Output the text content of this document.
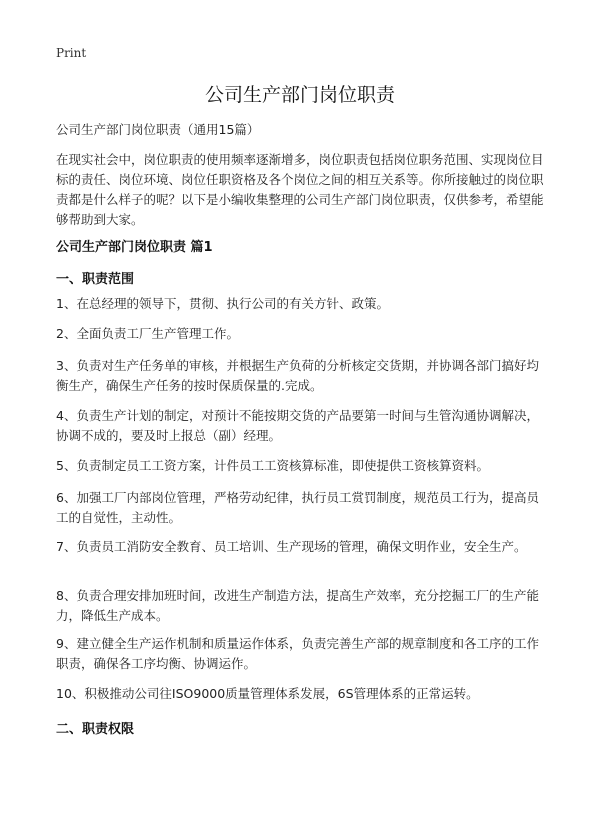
Print
公司生产部门岗位职责

公司生产部门岗位职责（通用15篇）

在现实社会中，岗位职责的使用频率逐渐增多，岗位职责包括岗位职务范围、实现岗位目标的责任、岗位环境、岗位任职资格及各个岗位之间的相互关系等。你所接触过的岗位职责都是什么样子的呢？以下是小编收集整理的公司生产部门岗位职责，仅供参考，希望能够帮助到大家。

公司生产部门岗位职责 篇1
一、职责范围

1、在总经理的领导下，贯彻、执行公司的有关方针、政策。

2、全面负责工厂生产管理工作。

3、负责对生产任务单的审核，并根据生产负荷的分析核定交货期，并协调各部门搞好均衡生产，确保生产任务的按时保质保量的.完成。

4、负责生产计划的制定，对预计不能按期交货的产品要第一时间与生管沟通协调解决，协调不成的，要及时上报总（副）经理。

5、负责制定员工工资方案，计件员工工资核算标准，即使提供工资核算资料。

6、加强工厂内部岗位管理，严格劳动纪律，执行员工赏罚制度，规范员工行为，提高员工的自觉性，主动性。

7、负责员工消防安全教育、员工培训、生产现场的管理，确保文明作业，安全生产。

8、负责合理安排加班时间，改进生产制造方法，提高生产效率，充分挖掘工厂的生产能力，降低生产成本。

9、建立健全生产运作机制和质量运作体系，负责完善生产部的规章制度和各工序的工作职责，确保各工序均衡、协调运作。

10、积极推动公司往ISO9000质量管理体系发展，6S管理体系的正常运转。

二、职责权限
